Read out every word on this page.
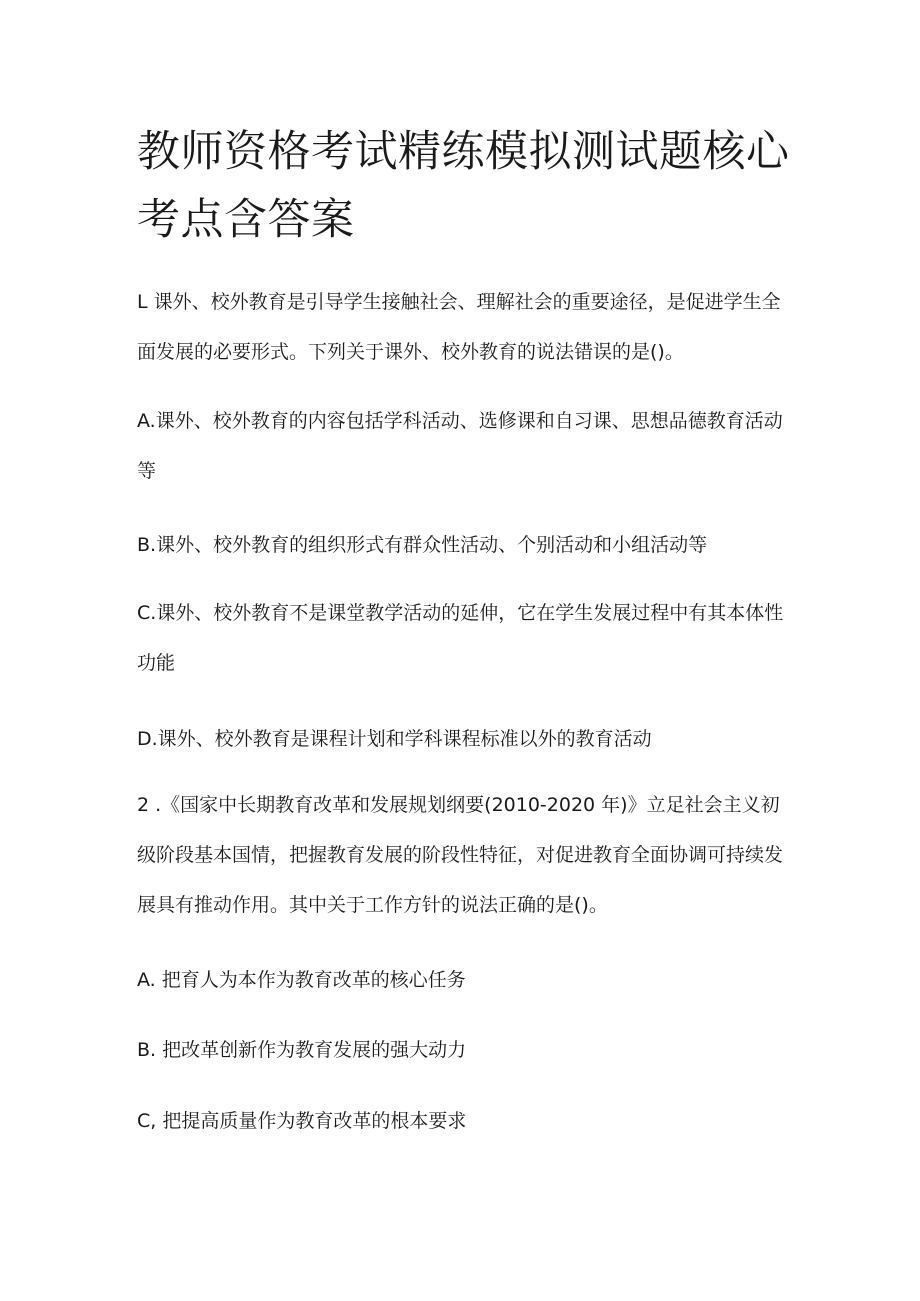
教师资格考试精练模拟测试题核心考点含答案

L 课外、校外教育是引导学生接触社会、理解社会的重要途径，是促进学生全面发展的必要形式。下列关于课外、校外教育的说法错误的是()。

A.课外、校外教育的内容包括学科活动、选修课和自习课、思想品德教育活动等

B.课外、校外教育的组织形式有群众性活动、个别活动和小组活动等

C.课外、校外教育不是课堂教学活动的延伸，它在学生发展过程中有其本体性功能

D.课外、校外教育是课程计划和学科课程标准以外的教育活动

2 .《国家中长期教育改革和发展规划纲要(2010-2020 年)》立足社会主义初级阶段基本国情，把握教育发展的阶段性特征，对促进教育全面协调可持续发展具有推动作用。其中关于工作方针的说法正确的是()。

A. 把育人为本作为教育改革的核心任务

B. 把改革创新作为教育发展的强大动力

C, 把提高质量作为教育改革的根本要求
